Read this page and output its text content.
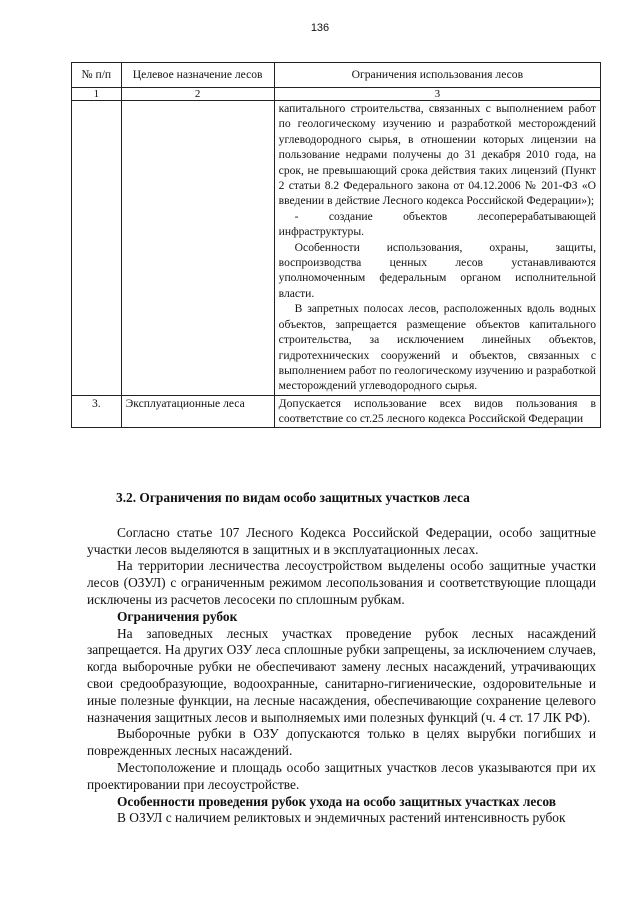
136
№ п/п	Целевое назначение лесов	Ограничения использования лесов
1	2	3

		капитального строительства, связанных с выполнением работ по геологическому изучению и разработкой месторождений углеводородного сырья, в отношении которых лицензии на пользование недрами получены до 31 декабря 2010 года, на срок, не превышающий срока действия таких лицензий (Пункт 2 статьи 8.2 Федерального закона от 04.12.2006 № 201-ФЗ «О введении в действие Лесного кодекса Российской Федерации»);

- создание объектов лесоперерабатывающей инфраструктуры.

Особенности использования, охраны, защиты, воспроизводства ценных лесов устанавливаются уполномоченным федеральным органом исполнительной власти.

В запретных полосах лесов, расположенных вдоль водных объектов, запрещается размещение объектов капитального строительства, за исключением линейных объектов, гидротехнических сооружений и объектов, связанных с выполнением работ по геологическому изучению и разработкой месторождений углеводородного сырья.

3.	Эксплуатационные леса	Допускается использование всех видов пользования в соответствие со ст.25 лесного кодекса Российской Федерации
3.2. Ограничения по видам особо защитных участков леса

Согласно статье 107 Лесного Кодекса Российской Федерации, особо защитные участки лесов выделяются в защитных и в эксплуатационных лесах.

На территории лесничества лесоустройством выделены особо защитные участки лесов (ОЗУЛ) с ограниченным режимом лесопользования и соответствующие площади исключены из расчетов лесосеки по сплошным рубкам.

Ограничения рубок

На заповедных лесных участках проведение рубок лесных насаждений запрещается. На других ОЗУ леса сплошные рубки запрещены, за исключением случаев, когда выборочные рубки не обеспечивают замену лесных насаждений, утрачивающих свои средообразующие, водоохранные, санитарно-гигиенические, оздоровительные и иные полезные функции, на лесные насаждения, обеспечивающие сохранение целевого назначения защитных лесов и выполняемых ими полезных функций (ч. 4 ст. 17 ЛК РФ).

Выборочные рубки в ОЗУ допускаются только в целях вырубки погибших и поврежденных лесных насаждений.

Местоположение и площадь особо защитных участков лесов указываются при их проектировании при лесоустройстве.

Особенности проведения рубок ухода на особо защитных участках лесов

В ОЗУЛ с наличием реликтовых и эндемичных растений интенсивность рубок
